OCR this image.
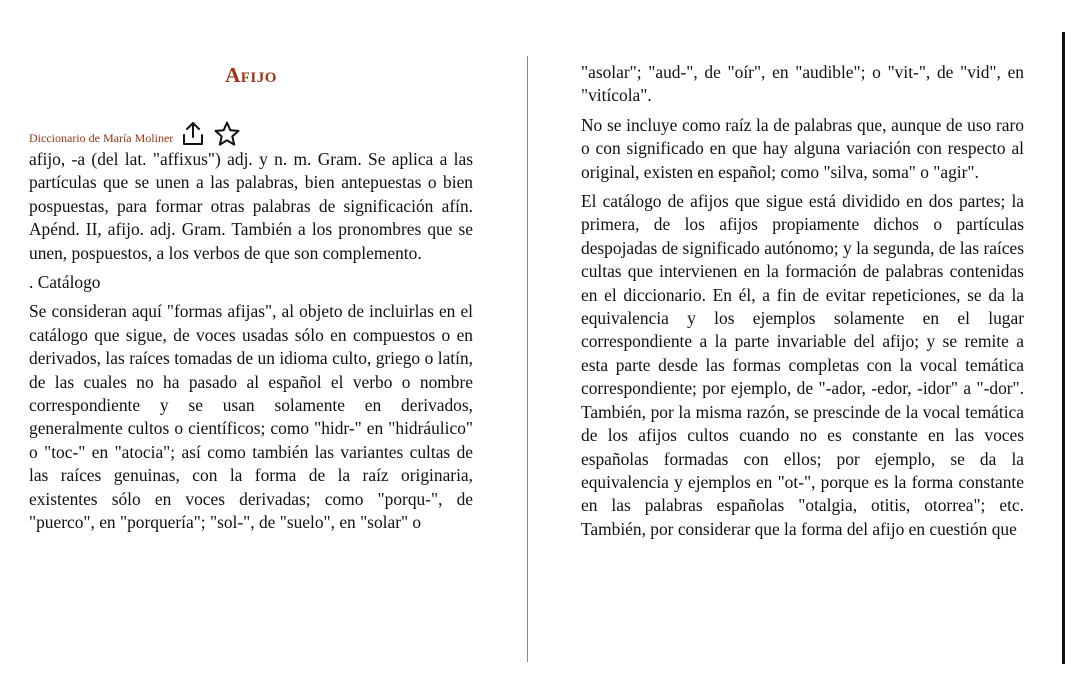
Afijo
Diccionario de María Moliner

afijo, -a (del lat. "affixus") adj. y n. m. Gram. Se aplica a las partículas que se unen a las palabras, bien antepuestas o bien pospuestas, para formar otras palabras de significación afín. Apénd. II, afijo. adj. Gram. También a los pronombres que se unen, pospuestos, a los verbos de que son complemento.

. Catálogo

Se consideran aquí "formas afijas", al objeto de incluirlas en el catálogo que sigue, de voces usadas sólo en compuestos o en derivados, las raíces tomadas de un idioma culto, griego o latín, de las cuales no ha pasado al español el verbo o nombre correspondiente y se usan solamente en derivados, generalmente cultos o científicos; como "hidr-" en "hidráulico" o "toc-" en "atocia"; así como también las variantes cultas de las raíces genuinas, con la forma de la raíz originaria, existentes sólo en voces derivadas; como "porqu-", de "puerco", en "porquería"; "sol-", de "suelo", en "solar" o

"asolar"; "aud-", de "oír", en "audible"; o "vit-", de "vid", en "vitícola".

No se incluye como raíz la de palabras que, aunque de uso raro o con significado en que hay alguna variación con respecto al original, existen en español; como "silva, soma" o "agir".

El catálogo de afijos que sigue está dividido en dos partes; la primera, de los afijos propiamente dichos o partículas despojadas de significado autónomo; y la segunda, de las raíces cultas que intervienen en la formación de palabras contenidas en el diccionario. En él, a fin de evitar repeticiones, se da la equivalencia y los ejemplos solamente en el lugar correspondiente a la parte invariable del afijo; y se remite a esta parte desde las formas completas con la vocal temática correspondiente; por ejemplo, de "-ador, -edor, -idor" a "-dor". También, por la misma razón, se prescinde de la vocal temática de los afijos cultos cuando no es constante en las voces españolas formadas con ellos; por ejemplo, se da la equivalencia y ejemplos en "ot-", porque es la forma constante en las palabras españolas "otalgia, otitis, otorrea"; etc. También, por considerar que la forma del afijo en cuestión que
